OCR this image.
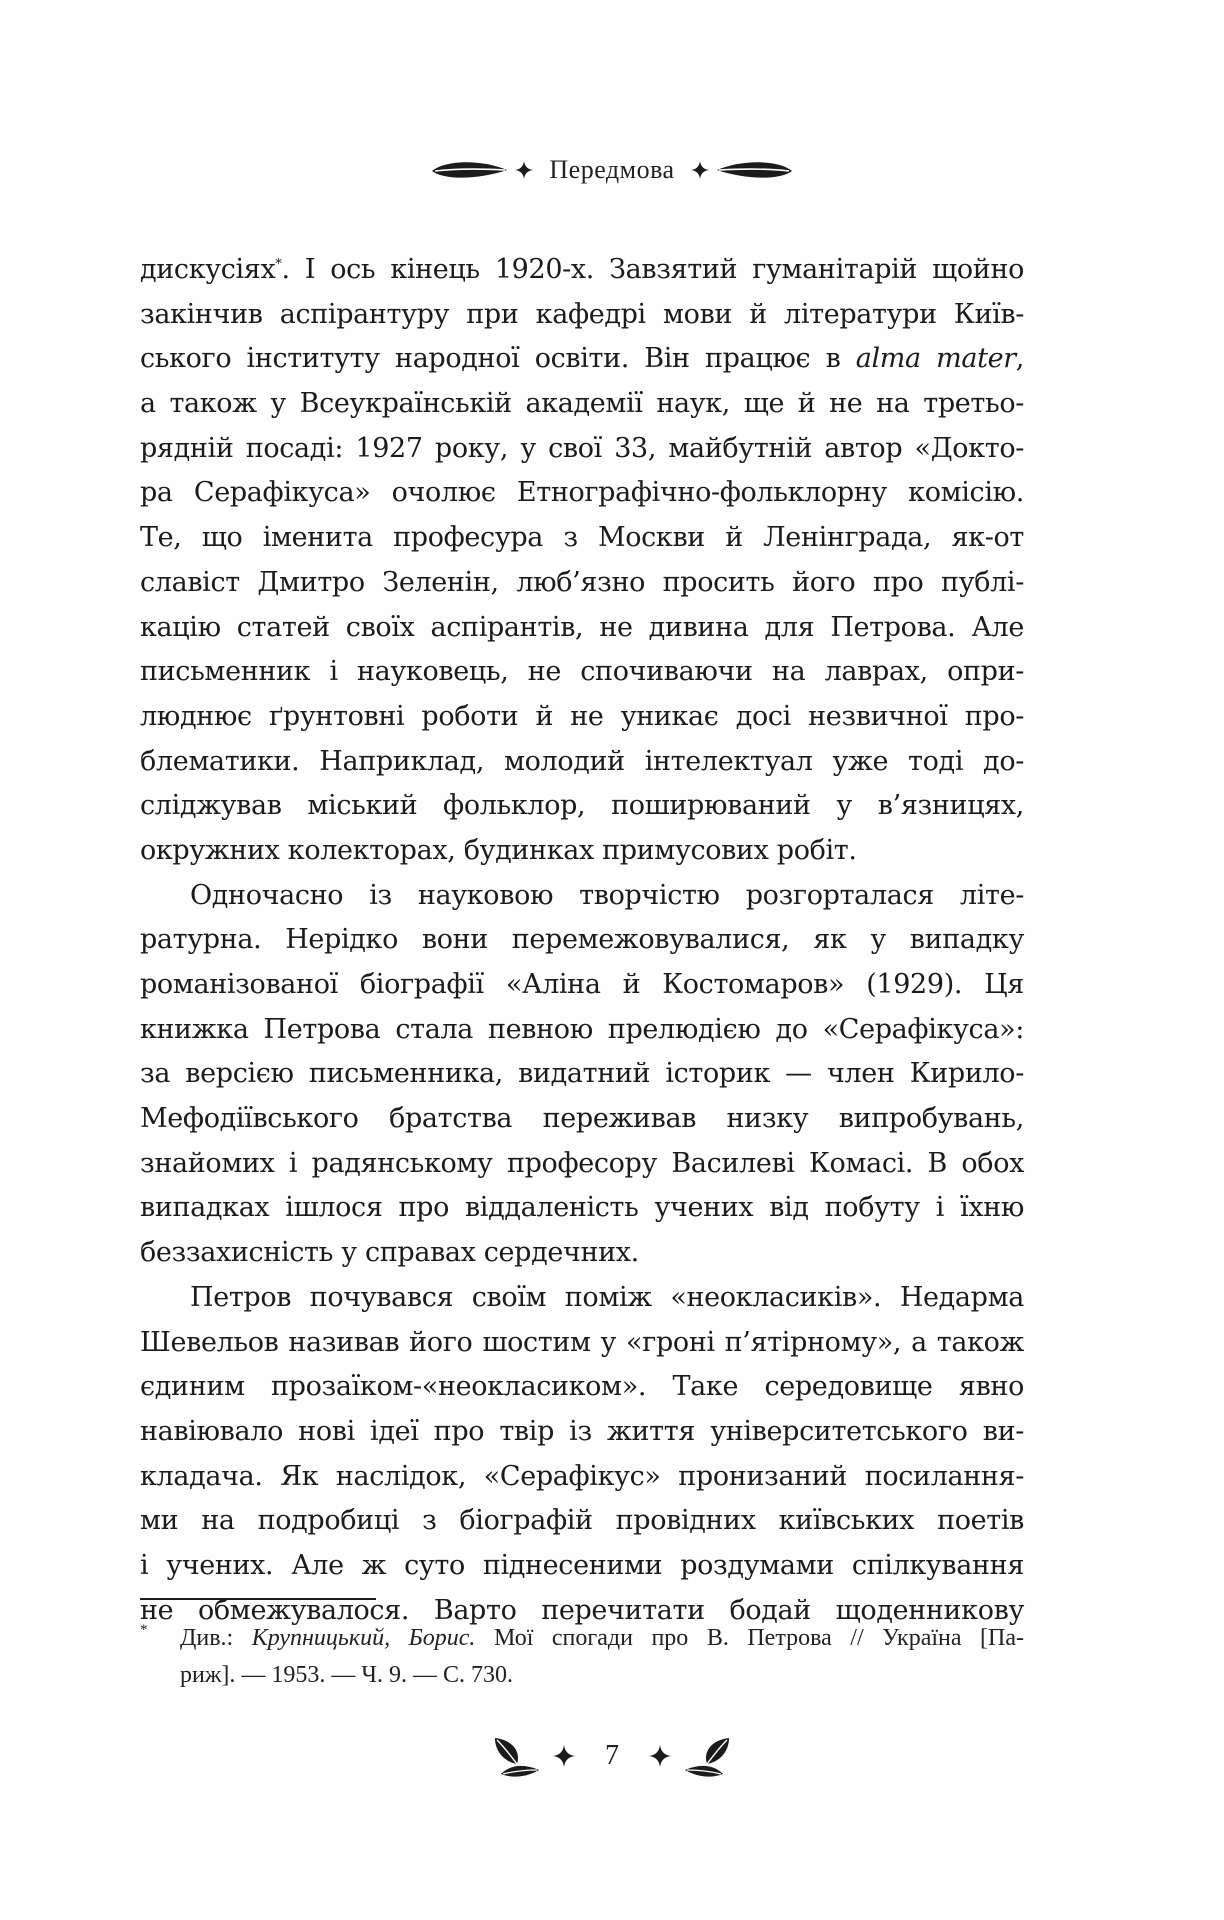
Передмова
дискусіях*. І ось кінець 1920-х. Завзятий гуманітарій щойно
закінчив аспірантуру при кафедрі мови й літератури Київ-
ського інституту народної освіти. Він працює в alma mater,
а також у Всеукраїнській академії наук, ще й не на третьо-
рядній посаді: 1927 року, у свої 33, майбутній автор «Доктo-
ра Серафікуса» очолює Етнографічно-фольклорну комісію.
Те, що іменита професура з Москви й Ленінграда, як-от
славіст Дмитро Зеленін, люб’язно просить його про публі-
кацію статей своїх аспірантів, не дивина для Петрова. Але
письменник і науковець, не спочиваючи на лаврах, опри-
люднює ґрунтовні роботи й не уникає досі незвичної про-
блематики. Наприклад, молодий інтелектуал уже тоді до-
сліджував міський фольклор, поширюваний у в’язницях,
окружних колекторах, будинках примусових робіт.
Одночасно із науковою творчістю розгорталася літе-
ратурна. Нерідко вони перемежовувалися, як у випадку
романізованої біографії «Аліна й Костомаров» (1929). Ця
книжка Петрова стала певною прелюдією до «Серафікуса»:
за версією письменника, видатний історик — член Кирило-
Мефодіївського братства переживав низку випробувань,
знайомих і радянському професору Василеві Комасі. В обох
випадках ішлося про віддаленість учених від побуту і їхню
беззахисність у справах сердечних.
Петров почувався своїм поміж «неокласиків». Недарма
Шевельов називав його шостим у «гроні п’ятірному», а також
єдиним прозаїком-«неокласиком». Таке середовище явно
навіювало нові ідеї про твір із життя університетського ви-
кладача. Як наслідок, «Серафікус» пронизаний посилання-
ми на подробиці з біографій провідних київських поетів
і учених. Але ж суто піднесеними роздумами спілкування
не обмежувалося. Варто перечитати бодай щоденникову
* Див.: Крупницький, Борис. Мої спогади про В. Петрова // Україна [Па-
риж]. — 1953. — Ч. 9. — С. 730.
7
